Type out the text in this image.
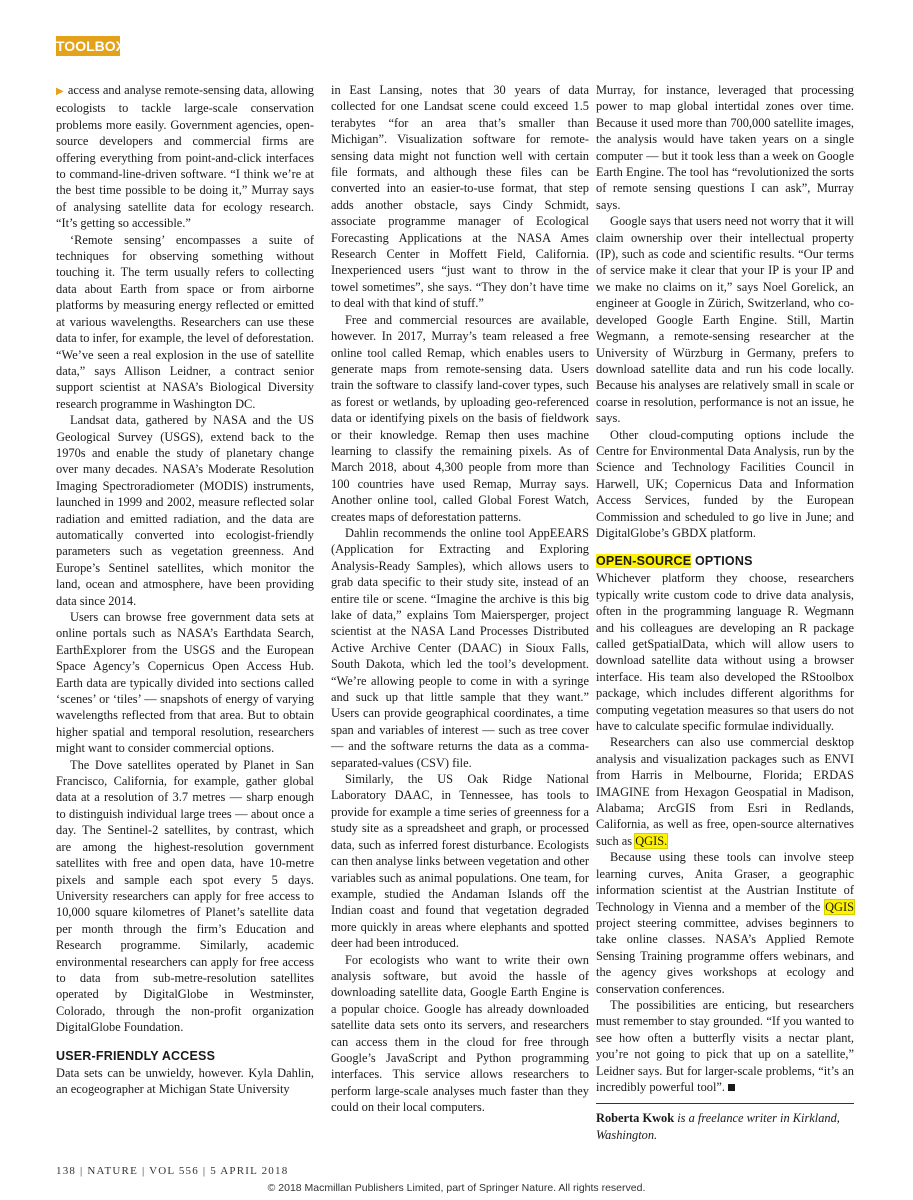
TOOLBOX

▶ access and analyse remote-sensing data, allowing ecologists to tackle large-scale conservation problems more easily. Government agencies, open-source developers and commercial firms are offering everything from point-and-click interfaces to command-line-driven software. “I think we’re at the best time possible to be doing it,” Murray says of analysing satellite data for ecology research. “It’s getting so accessible.”

‘Remote sensing’ encompasses a suite of techniques for observing something without touching it. The term usually refers to collecting data about Earth from space or from airborne platforms by measuring energy reflected or emitted at various wavelengths. Researchers can use these data to infer, for example, the level of deforestation. “We’ve seen a real explosion in the use of satellite data,” says Allison Leidner, a contract senior support scientist at NASA’s Biological Diversity research programme in Washington DC.

Landsat data, gathered by NASA and the US Geological Survey (USGS), extend back to the 1970s and enable the study of planetary change over many decades. NASA’s Moderate Resolution Imaging Spectroradiometer (MODIS) instruments, launched in 1999 and 2002, measure reflected solar radiation and emitted radiation, and the data are automatically converted into ecologist-friendly parameters such as vegetation greenness. And Europe’s Sentinel satellites, which monitor the land, ocean and atmosphere, have been providing data since 2014.

Users can browse free government data sets at online portals such as NASA’s Earthdata Search, EarthExplorer from the USGS and the European Space Agency’s Copernicus Open Access Hub. Earth data are typically divided into sections called ‘scenes’ or ‘tiles’ — snapshots of energy of varying wavelengths reflected from that area. But to obtain higher spatial and temporal resolution, researchers might want to consider commercial options.

The Dove satellites operated by Planet in San Francisco, California, for example, gather global data at a resolution of 3.7 metres — sharp enough to distinguish individual large trees — about once a day. The Sentinel-2 satellites, by contrast, which are among the highest-resolution government satellites with free and open data, have 10-metre pixels and sample each spot every 5 days. University researchers can apply for free access to 10,000 square kilometres of Planet’s satellite data per month through the firm’s Education and Research programme. Similarly, academic environmental researchers can apply for free access to data from sub-metre-resolution satellites operated by DigitalGlobe in Westminster, Colorado, through the non-profit organization DigitalGlobe Foundation.

USER-FRIENDLY ACCESS

Data sets can be unwieldy, however. Kyla Dahlin, an ecogeographer at Michigan State University

in East Lansing, notes that 30 years of data collected for one Landsat scene could exceed 1.5 terabytes “for an area that’s smaller than Michigan”. Visualization software for remote-sensing data might not function well with certain file formats, and although these files can be converted into an easier-to-use format, that step adds another obstacle, says Cindy Schmidt, associate programme manager of Ecological Forecasting Applications at the NASA Ames Research Center in Moffett Field, California. Inexperienced users “just want to throw in the towel sometimes”, she says. “They don’t have time to deal with that kind of stuff.”

Free and commercial resources are available, however. In 2017, Murray’s team released a free online tool called Remap, which enables users to generate maps from remote-sensing data. Users train the software to classify land-cover types, such as forest or wetlands, by uploading geo-referenced data or identifying pixels on the basis of fieldwork or their knowledge. Remap then uses machine learning to classify the remaining pixels. As of March 2018, about 4,300 people from more than 100 countries have used Remap, Murray says. Another online tool, called Global Forest Watch, creates maps of deforestation patterns.

Dahlin recommends the online tool AppEEARS (Application for Extracting and Exploring Analysis-Ready Samples), which allows users to grab data specific to their study site, instead of an entire tile or scene. “Imagine the archive is this big lake of data,” explains Tom Maiersperger, project scientist at the NASA Land Processes Distributed Active Archive Center (DAAC) in Sioux Falls, South Dakota, which led the tool’s development. “We’re allowing people to come in with a syringe and suck up that little sample that they want.” Users can provide geographical coordinates, a time span and variables of interest — such as tree cover — and the software returns the data as a comma-separated-values (CSV) file.

Similarly, the US Oak Ridge National Laboratory DAAC, in Tennessee, has tools to provide for example a time series of greenness for a study site as a spreadsheet and graph, or processed data, such as inferred forest disturbance. Ecologists can then analyse links between vegetation and other variables such as animal populations. One team, for example, studied the Andaman Islands off the Indian coast and found that vegetation degraded more quickly in areas where elephants and spotted deer had been introduced.

For ecologists who want to write their own analysis software, but avoid the hassle of downloading satellite data, Google Earth Engine is a popular choice. Google has already downloaded satellite data sets onto its servers, and researchers can access them in the cloud for free through Google’s JavaScript and Python programming interfaces. This service allows researchers to perform large-scale analyses much faster than they could on their local computers.

Murray, for instance, leveraged that processing power to map global intertidal zones over time. Because it used more than 700,000 satellite images, the analysis would have taken years on a single computer — but it took less than a week on Google Earth Engine. The tool has “revolutionized the sorts of remote sensing questions I can ask”, Murray says.

Google says that users need not worry that it will claim ownership over their intellectual property (IP), such as code and scientific results. “Our terms of service make it clear that your IP is your IP and we make no claims on it,” says Noel Gorelick, an engineer at Google in Zürich, Switzerland, who co-developed Google Earth Engine. Still, Martin Wegmann, a remote-sensing researcher at the University of Würzburg in Germany, prefers to download satellite data and run his code locally. Because his analyses are relatively small in scale or coarse in resolution, performance is not an issue, he says.

Other cloud-computing options include the Centre for Environmental Data Analysis, run by the Science and Technology Facilities Council in Harwell, UK; Copernicus Data and Information Access Services, funded by the European Commission and scheduled to go live in June; and DigitalGlobe’s GBDX platform.

OPEN-SOURCE OPTIONS

Whichever platform they choose, researchers typically write custom code to drive data analysis, often in the programming language R. Wegmann and his colleagues are developing an R package called getSpatialData, which will allow users to download satellite data without using a browser interface. His team also developed the RStoolbox package, which includes different algorithms for computing vegetation measures so that users do not have to calculate specific formulae individually.

Researchers can also use commercial desktop analysis and visualization packages such as ENVI from Harris in Melbourne, Florida; ERDAS IMAGINE from Hexagon Geospatial in Madison, Alabama; ArcGIS from Esri in Redlands, California, as well as free, open-source alternatives such as QGIS.

Because using these tools can involve steep learning curves, Anita Graser, a geographic information scientist at the Austrian Institute of Technology in Vienna and a member of the QGIS project steering committee, advises beginners to take online classes. NASA’s Applied Remote Sensing Training programme offers webinars, and the agency gives workshops at ecology and conservation conferences.

The possibilities are enticing, but researchers must remember to stay grounded. “If you wanted to see how often a butterfly visits a nectar plant, you’re not going to pick that up on a satellite,” Leidner says. But for larger-scale problems, “it’s an incredibly powerful tool”.

Roberta Kwok is a freelance writer in Kirkland, Washington.
138 | NATURE | VOL 556 | 5 APRIL 2018
© 2018 Macmillan Publishers Limited, part of Springer Nature. All rights reserved.
